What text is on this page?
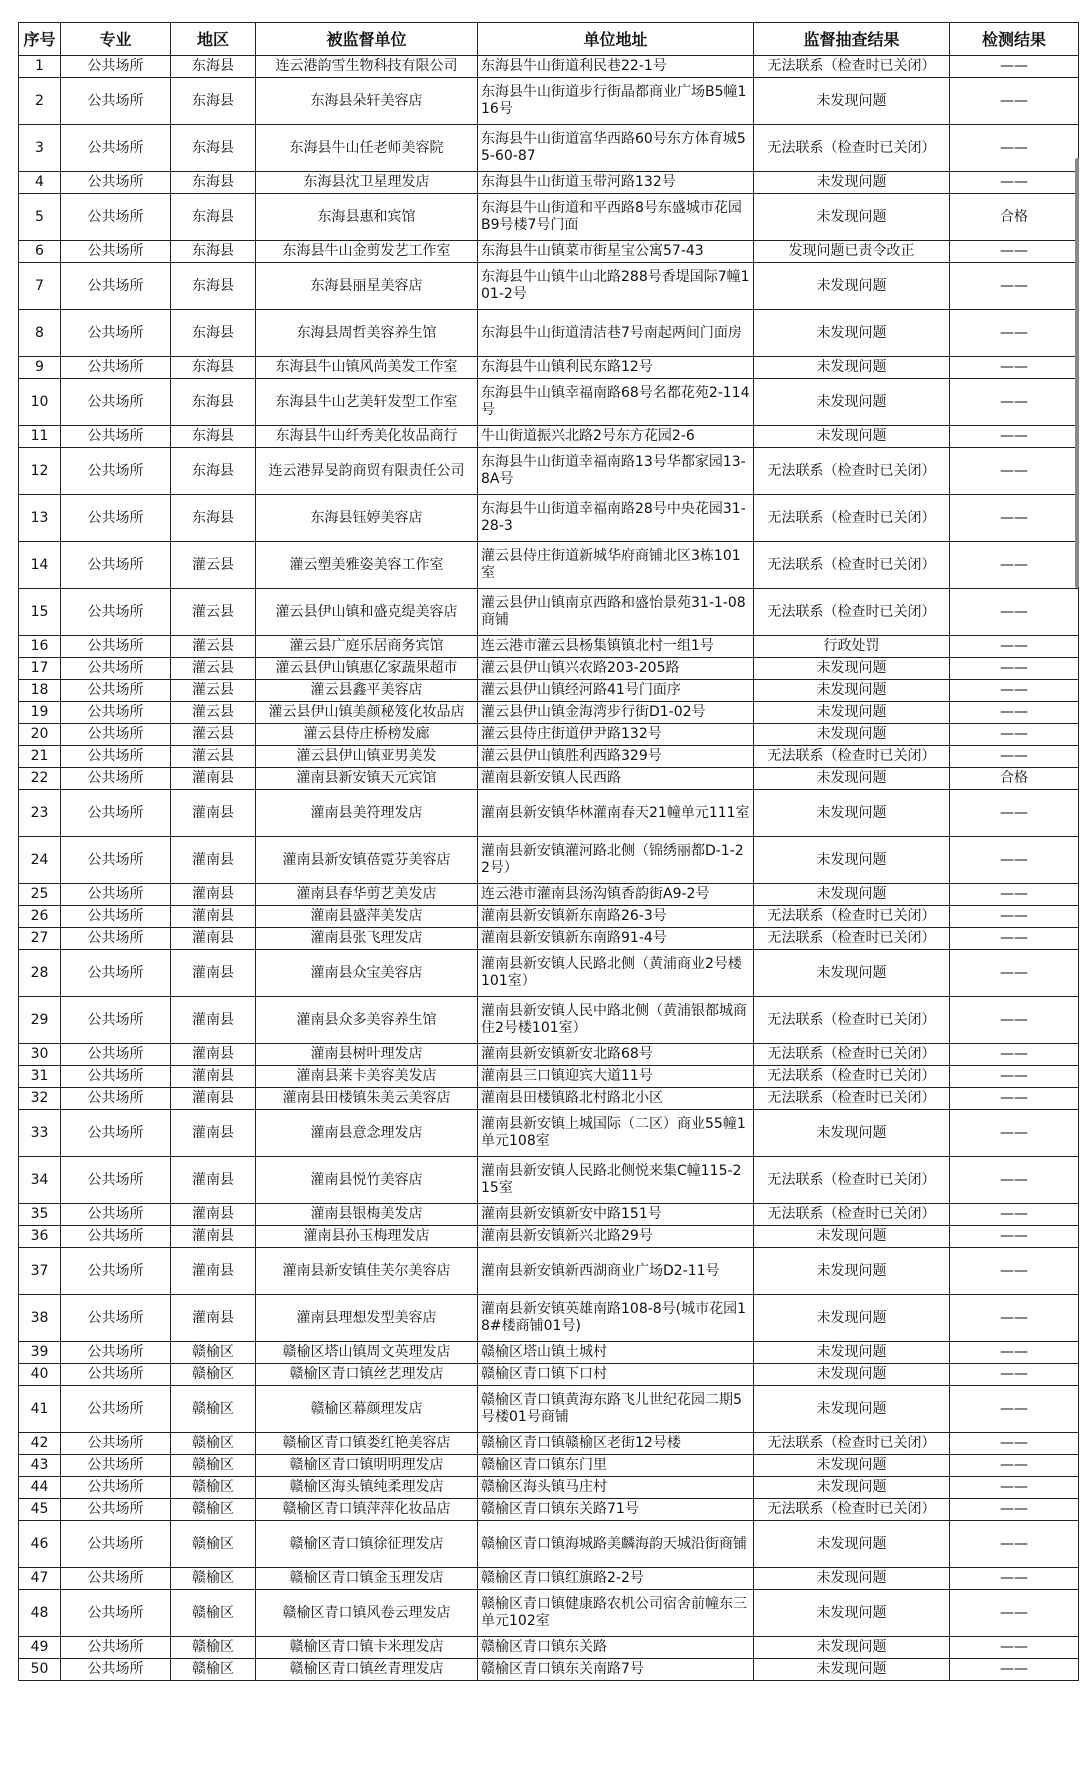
序号	专业	地区	被监督单位	单位地址	监督抽查结果	检测结果
1	公共场所	东海县	连云港韵雪生物科技有限公司	东海县牛山街道利民巷22-1号	无法联系（检查时已关闭）	——
2	公共场所	东海县	东海县朵轩美容店	东海县牛山街道步行街晶都商业广场B5幢116号	未发现问题	——
3	公共场所	东海县	东海县牛山任老师美容院	东海县牛山街道富华西路60号东方体育城55-60-87	无法联系（检查时已关闭）	——
4	公共场所	东海县	东海县沈卫星理发店	东海县牛山街道玉带河路132号	未发现问题	——
5	公共场所	东海县	东海县惠和宾馆	东海县牛山街道和平西路8号东盛城市花园B9号楼7号门面	未发现问题	合格
6	公共场所	东海县	东海县牛山金剪发艺工作室	东海县牛山镇菜市街星宝公寓57-43	发现问题已责令改正	——
7	公共场所	东海县	东海县丽星美容店	东海县牛山镇牛山北路288号香堤国际7幢101-2号	未发现问题	——
8	公共场所	东海县	东海县周哲美容养生馆	东海县牛山街道清洁巷7号南起两间门面房	未发现问题	——
9	公共场所	东海县	东海县牛山镇风尚美发工作室	东海县牛山镇利民东路12号	未发现问题	——
10	公共场所	东海县	东海县牛山艺美轩发型工作室	东海县牛山镇幸福南路68号名都花苑2-114号	未发现问题	——
11	公共场所	东海县	东海县牛山纤秀美化妆品商行	牛山街道振兴北路2号东方花园2-6	未发现问题	——
12	公共场所	东海县	连云港昇旻韵商贸有限责任公司	东海县牛山街道幸福南路13号华都家园13-8A号	无法联系（检查时已关闭）	——
13	公共场所	东海县	东海县钰婷美容店	东海县牛山街道幸福南路28号中央花园31-28-3	无法联系（检查时已关闭）	——
14	公共场所	灌云县	灌云塑美雅姿美容工作室	灌云县侍庄街道新城华府商铺北区3栋101室	无法联系（检查时已关闭）	——
15	公共场所	灌云县	灌云县伊山镇和盛克缇美容店	灌云县伊山镇南京西路和盛怡景苑31-1-08商铺	无法联系（检查时已关闭）	——
16	公共场所	灌云县	灌云县广庭乐居商务宾馆	连云港市灌云县杨集镇镇北村一组1号	行政处罚	——
17	公共场所	灌云县	灌云县伊山镇惠亿家蔬果超市	灌云县伊山镇兴农路203-205路	未发现问题	——
18	公共场所	灌云县	灌云县鑫平美容店	灌云县伊山镇经河路41号门面序	未发现问题	——
19	公共场所	灌云县	灌云县伊山镇美颜秘笈化妆品店	灌云县伊山镇金海湾步行街D1-02号	未发现问题	——
20	公共场所	灌云县	灌云县侍庄桥榜发廊	灌云县侍庄街道伊尹路132号	未发现问题	——
21	公共场所	灌云县	灌云县伊山镇亚男美发	灌云县伊山镇胜利西路329号	无法联系（检查时已关闭）	——
22	公共场所	灌南县	灌南县新安镇天元宾馆	灌南县新安镇人民西路	未发现问题	合格
23	公共场所	灌南县	灌南县美符理发店	灌南县新安镇华林灌南春天21幢单元111室	未发现问题	——
24	公共场所	灌南县	灌南县新安镇蓓霓芬美容店	灌南县新安镇灌河路北侧（锦绣丽都D-1-22号）	未发现问题	——
25	公共场所	灌南县	灌南县春华剪艺美发店	连云港市灌南县汤沟镇香韵街A9-2号	未发现问题	——
26	公共场所	灌南县	灌南县盛萍美发店	灌南县新安镇新东南路26-3号	无法联系（检查时已关闭）	——
27	公共场所	灌南县	灌南县张飞理发店	灌南县新安镇新东南路91-4号	无法联系（检查时已关闭）	——
28	公共场所	灌南县	灌南县众宝美容店	灌南县新安镇人民路北侧（黄浦商业2号楼101室）	未发现问题	——
29	公共场所	灌南县	灌南县众多美容养生馆	灌南县新安镇人民中路北侧（黄浦银都城商住2号楼101室）	无法联系（检查时已关闭）	——
30	公共场所	灌南县	灌南县树叶理发店	灌南县新安镇新安北路68号	无法联系（检查时已关闭）	——
31	公共场所	灌南县	灌南县莱卡美容美发店	灌南县三口镇迎宾大道11号	无法联系（检查时已关闭）	——
32	公共场所	灌南县	灌南县田楼镇朱美云美容店	灌南县田楼镇路北村路北小区	无法联系（检查时已关闭）	——
33	公共场所	灌南县	灌南县意念理发店	灌南县新安镇上城国际（二区）商业55幢1单元108室	未发现问题	——
34	公共场所	灌南县	灌南县悦竹美容店	灌南县新安镇人民路北侧悦来集C幢115-215室	无法联系（检查时已关闭）	——
35	公共场所	灌南县	灌南县银梅美发店	灌南县新安镇新安中路151号	无法联系（检查时已关闭）	——
36	公共场所	灌南县	灌南县孙玉梅理发店	灌南县新安镇新兴北路29号	未发现问题	——
37	公共场所	灌南县	灌南县新安镇佳芙尔美容店	灌南县新安镇新西湖商业广场D2-11号	未发现问题	——
38	公共场所	灌南县	灌南县理想发型美容店	灌南县新安镇英雄南路108-8号(城市花园18#楼商铺01号)	未发现问题	——
39	公共场所	赣榆区	赣榆区塔山镇周文英理发店	赣榆区塔山镇土城村	未发现问题	——
40	公共场所	赣榆区	赣榆区青口镇丝艺理发店	赣榆区青口镇下口村	未发现问题	——
41	公共场所	赣榆区	赣榆区幕颜理发店	赣榆区青口镇黄海东路飞儿世纪花园二期5号楼01号商铺	未发现问题	——
42	公共场所	赣榆区	赣榆区青口镇娄红艳美容店	赣榆区青口镇赣榆区老街12号楼	无法联系（检查时已关闭）	——
43	公共场所	赣榆区	赣榆区青口镇明明理发店	赣榆区青口镇东门里	未发现问题	——
44	公共场所	赣榆区	赣榆区海头镇纯柔理发店	赣榆区海头镇马庄村	未发现问题	——
45	公共场所	赣榆区	赣榆区青口镇萍萍化妆品店	赣榆区青口镇东关路71号	无法联系（检查时已关闭）	——
46	公共场所	赣榆区	赣榆区青口镇徐征理发店	赣榆区青口镇海城路美麟海韵天城沿街商铺	未发现问题	——
47	公共场所	赣榆区	赣榆区青口镇金玉理发店	赣榆区青口镇红旗路2-2号	未发现问题	——
48	公共场所	赣榆区	赣榆区青口镇风卷云理发店	赣榆区青口镇健康路农机公司宿舍前幢东三单元102室	未发现问题	——
49	公共场所	赣榆区	赣榆区青口镇卡米理发店	赣榆区青口镇东关路	未发现问题	——
50	公共场所	赣榆区	赣榆区青口镇丝青理发店	赣榆区青口镇东关南路7号	未发现问题	——
